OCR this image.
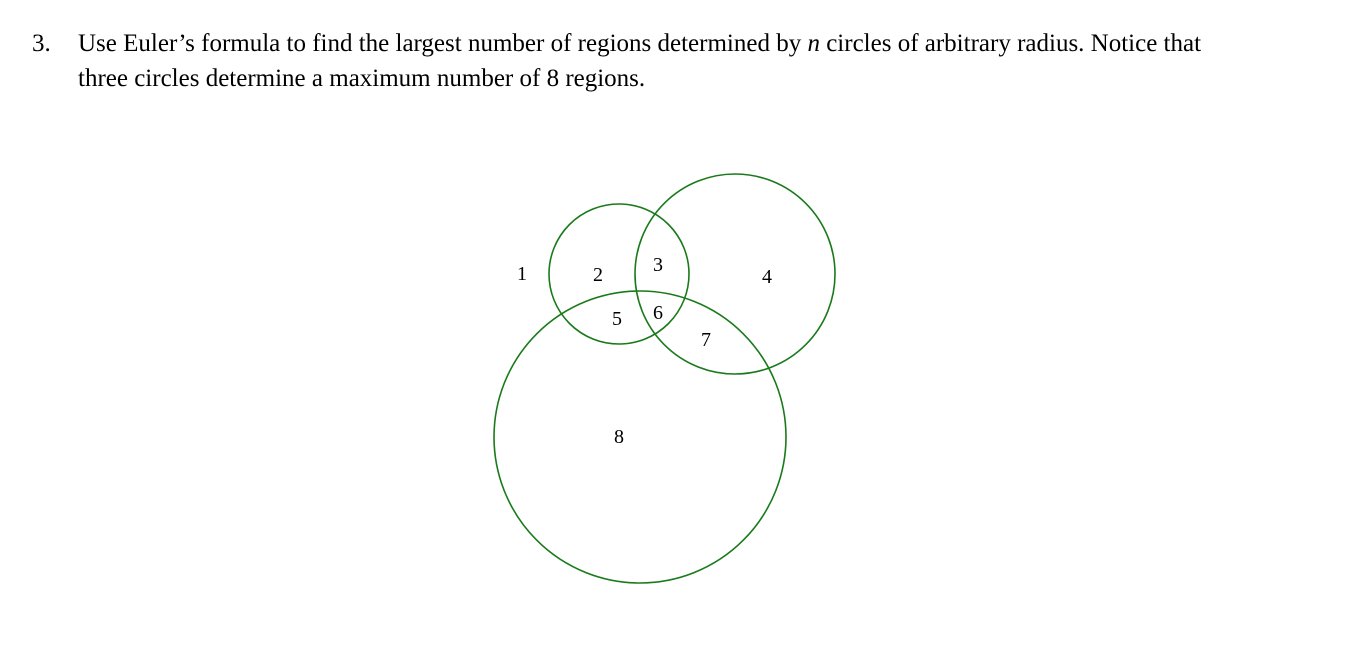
3. Use Euler’s formula to find the largest number of regions determined by n circles of arbitrary radius. Notice that
three circles determine a maximum number of 8 regions.
1	2	3
4
5 6
7
8
